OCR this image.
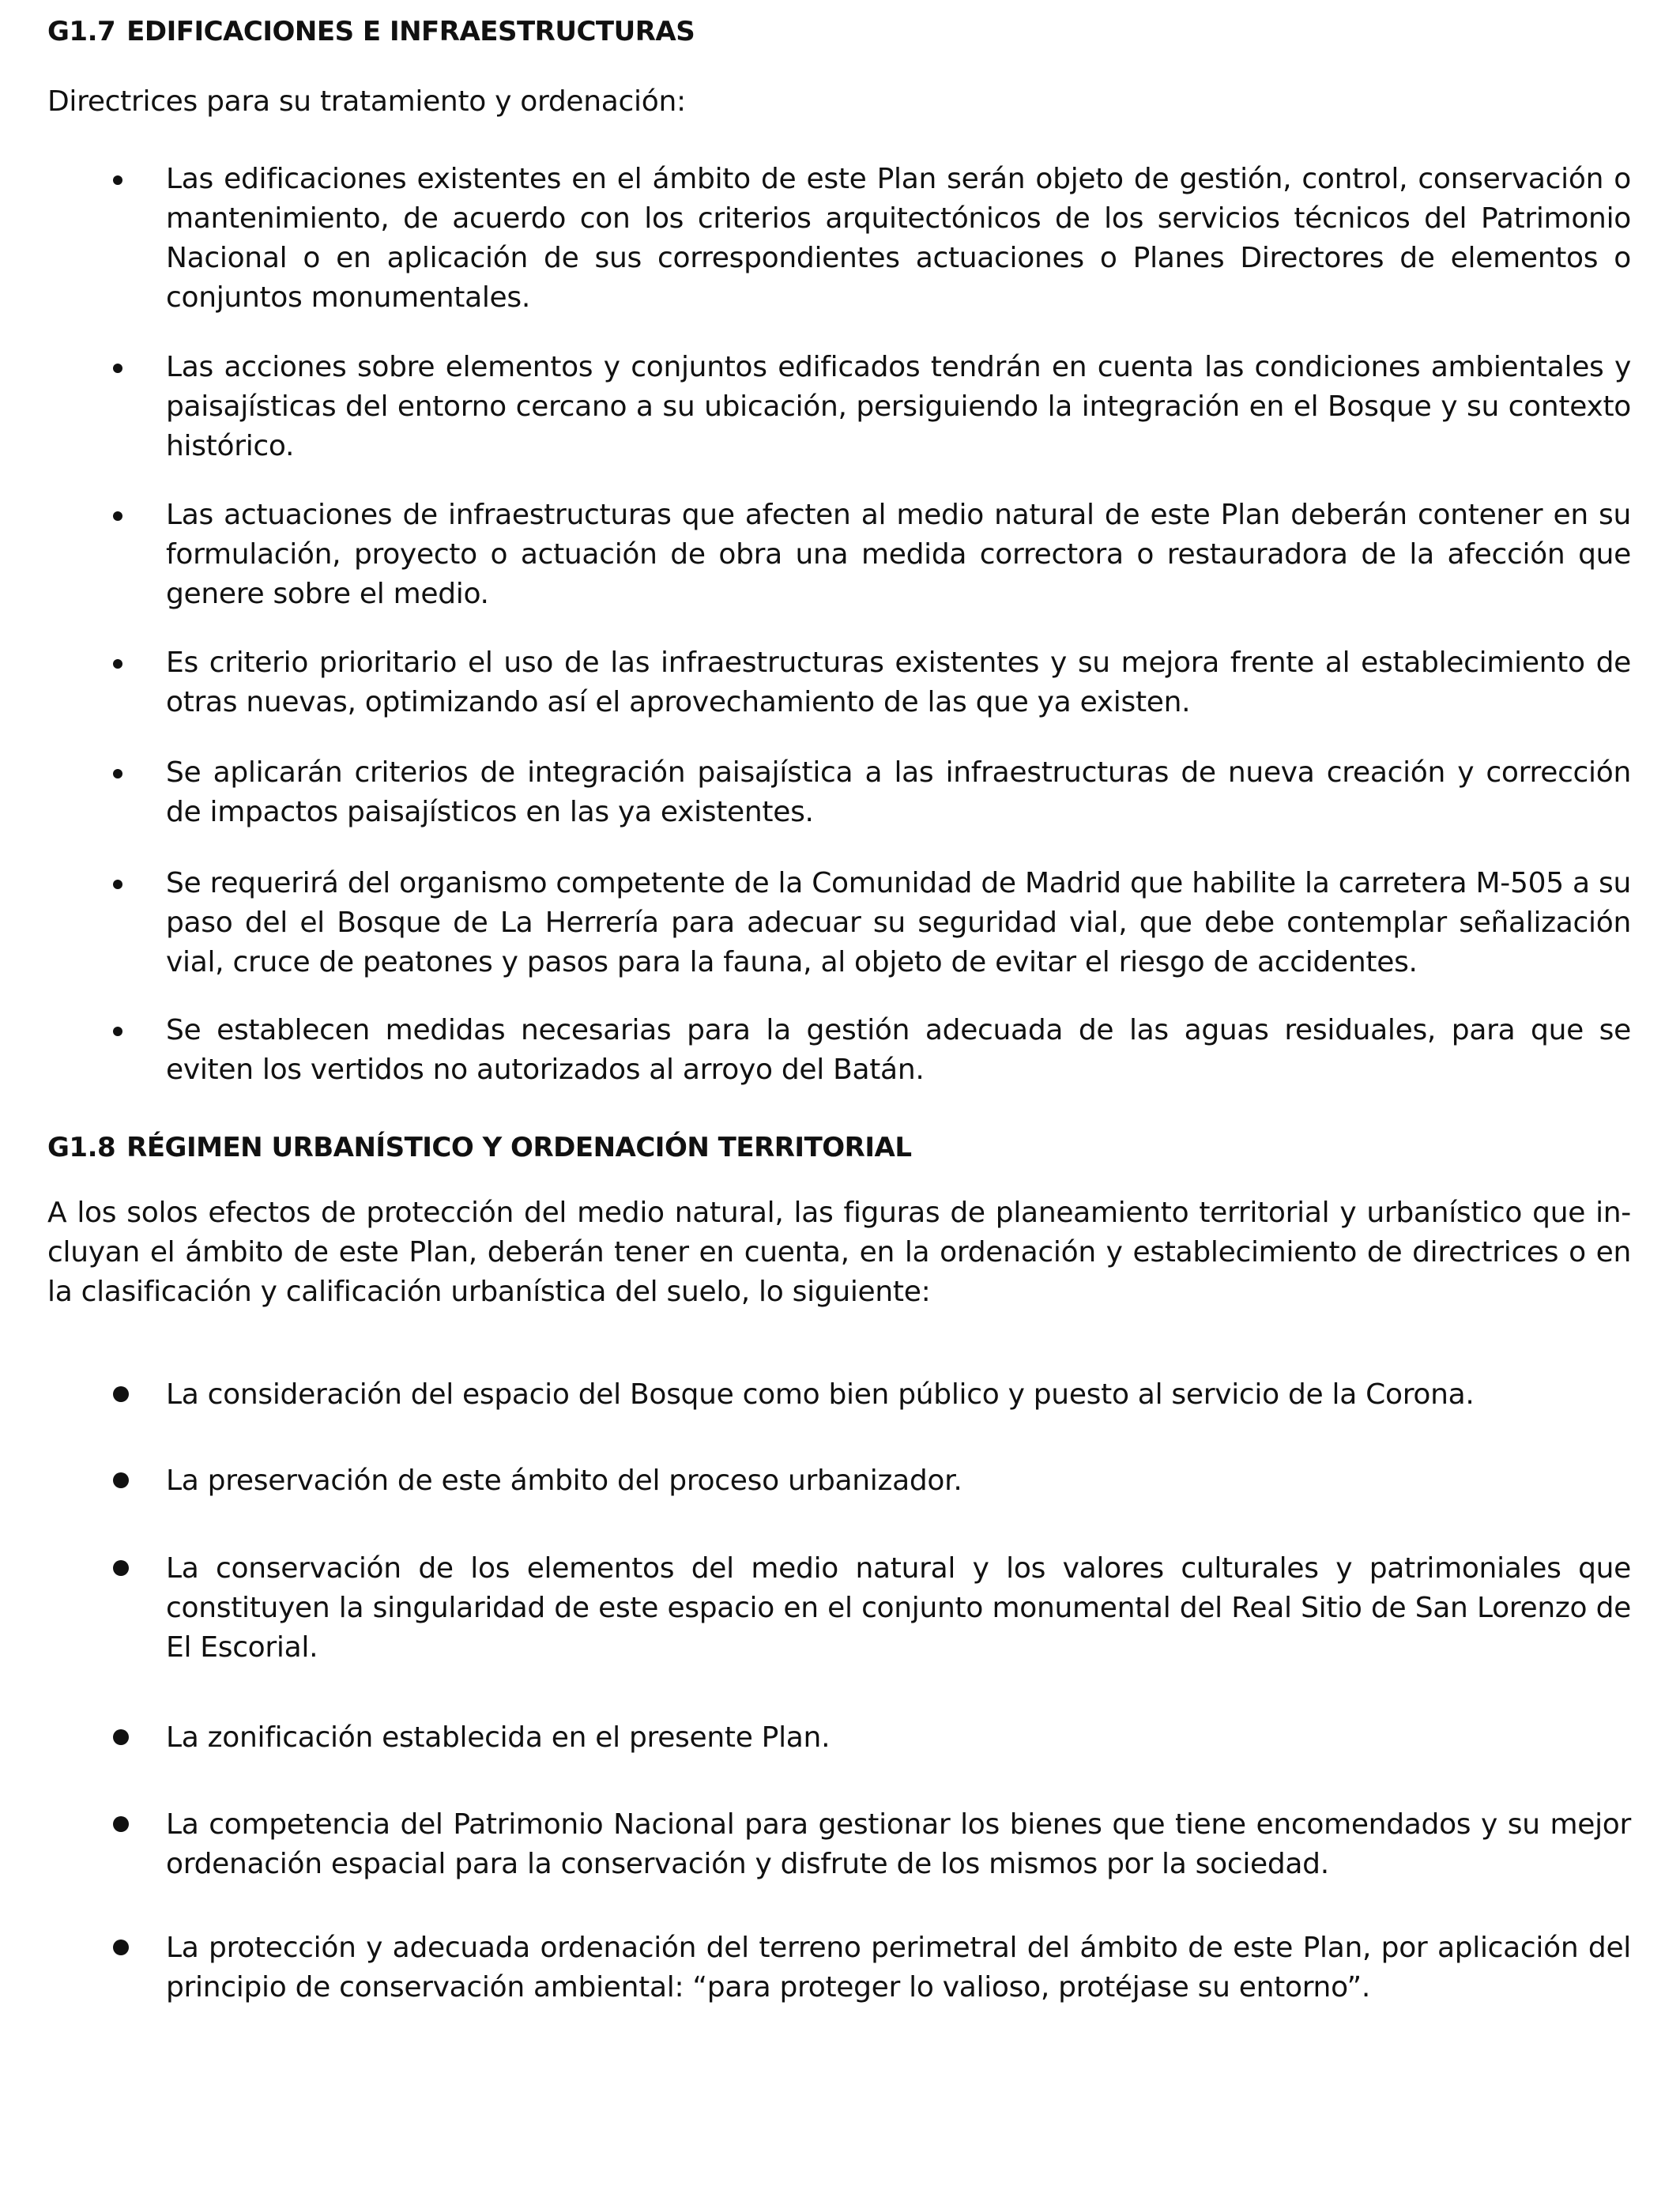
G1.7 EDIFICACIONES E INFRAESTRUCTURAS

Directrices para su tratamiento y ordenación:

Las edificaciones existentes en el ámbito de este Plan serán objeto de gestión, control, conservación o mantenimiento, de acuerdo con los criterios arquitectónicos de los servicios técnicos del Patrimonio Nacional o en aplicación de sus correspondientes actuaciones o Planes Directores de elementos o conjuntos monumentales.

Las acciones sobre elementos y conjuntos edificados tendrán en cuenta las condiciones ambientales y paisajísticas del entorno cercano a su ubicación, persiguiendo la integración en el Bosque y su contexto histórico.

Las actuaciones de infraestructuras que afecten al medio natural de este Plan deberán contener en su formulación, proyecto o actuación de obra una medida correctora o restauradora de la afección que genere sobre el medio.

Es criterio prioritario el uso de las infraestructuras existentes y su mejora frente al establecimiento de otras nuevas, optimizando así el aprovechamiento de las que ya existen.

Se aplicarán criterios de integración paisajística a las infraestructuras de nueva creación y corrección de impactos paisajísticos en las ya existentes.

Se requerirá del organismo competente de la Comunidad de Madrid que habilite la carretera M-505 a su paso del el Bosque de La Herrería para adecuar su seguridad vial, que debe contemplar señalización vial, cruce de peatones y pasos para la fauna, al objeto de evitar el riesgo de accidentes.

Se establecen medidas necesarias para la gestión adecuada de las aguas residuales, para que se eviten los vertidos no autorizados al arroyo del Batán.

G1.8 RÉGIMEN URBANÍSTICO Y ORDENACIÓN TERRITORIAL

A los solos efectos de protección del medio natural, las figuras de planeamiento territorial y urbanístico que in-cluyan el ámbito de este Plan, deberán tener en cuenta, en la ordenación y establecimiento de directrices o en la clasificación y calificación urbanística del suelo, lo siguiente:

La consideración del espacio del Bosque como bien público y puesto al servicio de la Corona.

La preservación de este ámbito del proceso urbanizador.

La conservación de los elementos del medio natural y los valores culturales y patrimoniales que constituyen la singularidad de este espacio en el conjunto monumental del Real Sitio de San Lorenzo de El Escorial.

La zonificación establecida en el presente Plan.

La competencia del Patrimonio Nacional para gestionar los bienes que tiene encomendados y su mejor ordenación espacial para la conservación y disfrute de los mismos por la sociedad.

La protección y adecuada ordenación del terreno perimetral del ámbito de este Plan, por aplicación del principio de conservación ambiental: “para proteger lo valioso, protéjase su entorno”.
